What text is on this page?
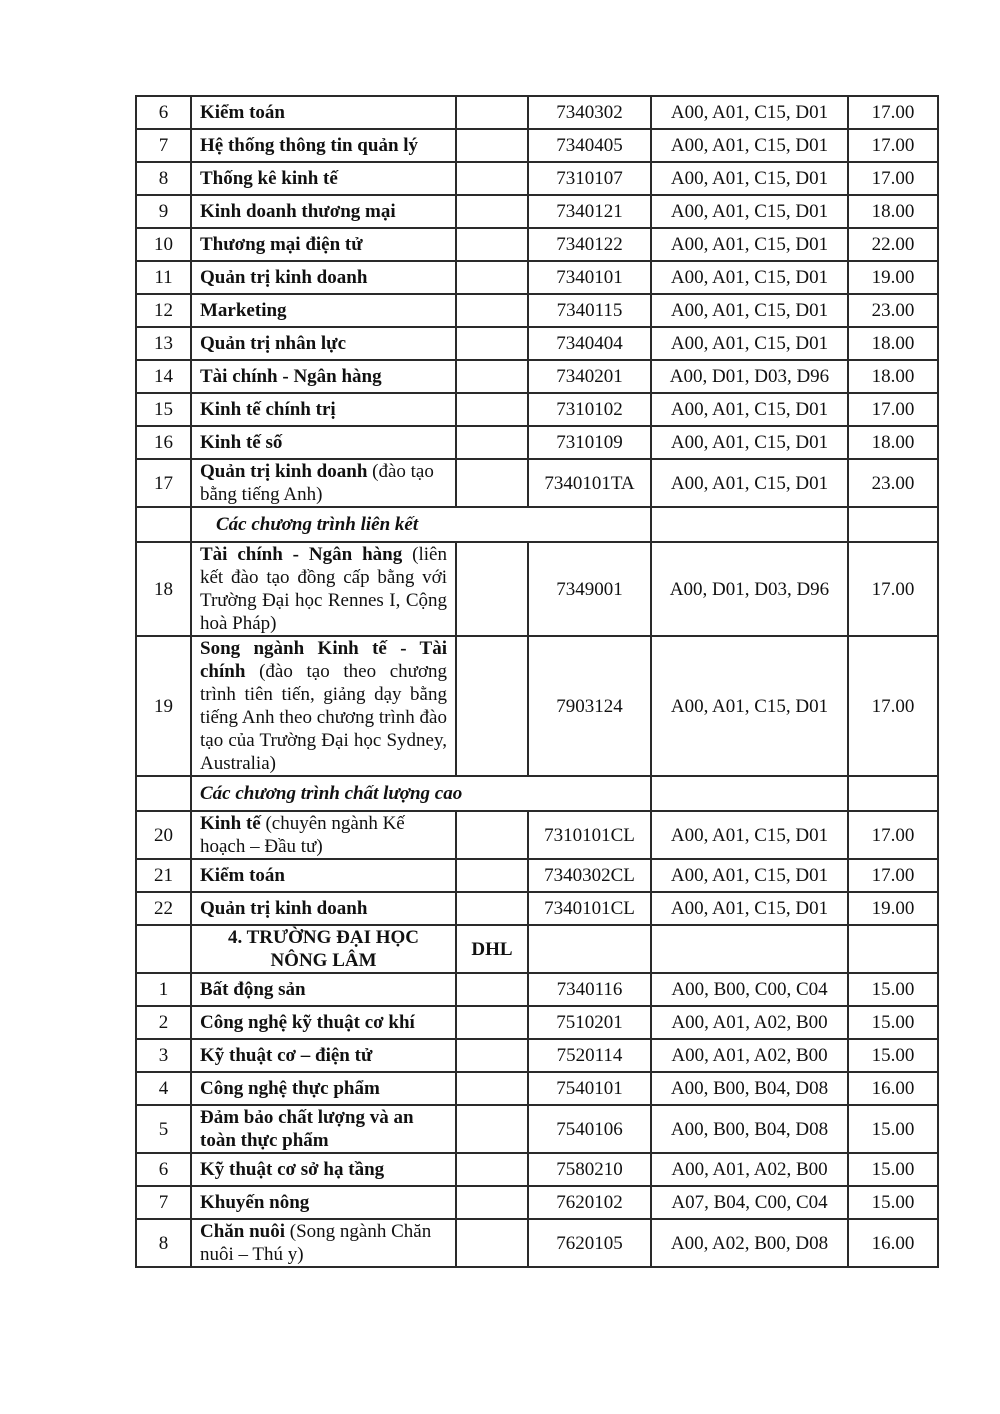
6	Kiểm toán		7340302	A00, A01, C15, D01	17.00
7	Hệ thống thông tin quản lý		7340405	A00, A01, C15, D01	17.00
8	Thống kê kinh tế		7310107	A00, A01, C15, D01	17.00
9	Kinh doanh thương mại		7340121	A00, A01, C15, D01	18.00
10	Thương mại điện tử		7340122	A00, A01, C15, D01	22.00
11	Quản trị kinh doanh		7340101	A00, A01, C15, D01	19.00
12	Marketing		7340115	A00, A01, C15, D01	23.00
13	Quản trị nhân lực		7340404	A00, A01, C15, D01	18.00
14	Tài chính - Ngân hàng		7340201	A00, D01, D03, D96	18.00
15	Kinh tế chính trị		7310102	A00, A01, C15, D01	17.00
16	Kinh tế số		7310109	A00, A01, C15, D01	18.00
17	Quản trị kinh doanh (đào tạo bằng tiếng Anh)		7340101TA	A00, A01, C15, D01	23.00
	Các chương trình liên kết				
18	Tài chính - Ngân hàng (liên kết đào tạo đồng cấp bằng với Trường Đại học Rennes I, Cộng hoà Pháp)		7349001	A00, D01, D03, D96	17.00
19	Song ngành Kinh tế - Tài chính (đào tạo theo chương trình tiên tiến, giảng dạy bằng tiếng Anh theo chương trình đào tạo của Trường Đại học Sydney, Australia)		7903124	A00, A01, C15, D01	17.00
	Các chương trình chất lượng cao				
20	Kinh tế (chuyên ngành Kế hoạch – Đầu tư)		7310101CL	A00, A01, C15, D01	17.00
21	Kiểm toán		7340302CL	A00, A01, C15, D01	17.00
22	Quản trị kinh doanh		7340101CL	A00, A01, C15, D01	19.00
	4. TRƯỜNG ĐẠI HỌC NÔNG LÂM	DHL			
1	Bất động sản		7340116	A00, B00, C00, C04	15.00
2	Công nghệ kỹ thuật cơ khí		7510201	A00, A01, A02, B00	15.00
3	Kỹ thuật cơ – điện tử		7520114	A00, A01, A02, B00	15.00
4	Công nghệ thực phẩm		7540101	A00, B00, B04, D08	16.00
5	Đảm bảo chất lượng và an toàn thực phẩm		7540106	A00, B00, B04, D08	15.00
6	Kỹ thuật cơ sở hạ tầng		7580210	A00, A01, A02, B00	15.00
7	Khuyến nông		7620102	A07, B04, C00, C04	15.00
8	Chăn nuôi (Song ngành Chăn nuôi – Thú y)		7620105	A00, A02, B00, D08	16.00
